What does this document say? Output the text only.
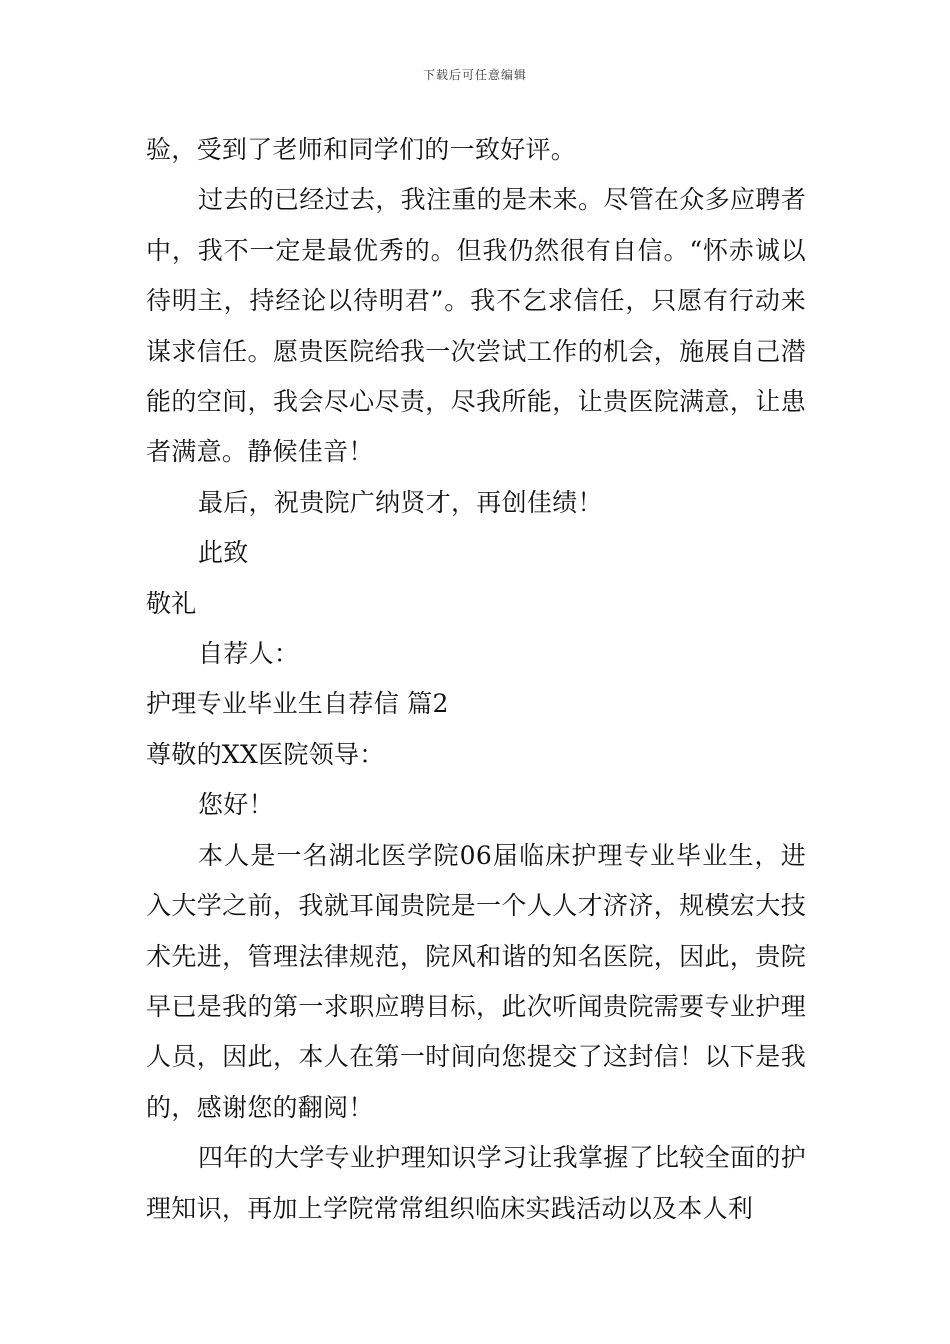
下载后可任意编辑

验，受到了老师和同学们的一致好评。

过去的已经过去，我注重的是未来。尽管在众多应聘者中，我不一定是最优秀的。但我仍然很有自信。“怀赤诚以待明主，持经论以待明君”。我不乞求信任，只愿有行动来谋求信任。愿贵医院给我一次尝试工作的机会，施展自己潜能的空间，我会尽心尽责，尽我所能，让贵医院满意，让患者满意。静候佳音！

最后，祝贵院广纳贤才，再创佳绩！

此致

敬礼

自荐人：

护理专业毕业生自荐信 篇2

尊敬的XX医院领导：

您好！

本人是一名湖北医学院06届临床护理专业毕业生，进入大学之前，我就耳闻贵院是一个人人才济济，规模宏大技术先进，管理法律规范，院风和谐的知名医院，因此，贵院早已是我的第一求职应聘目标，此次听闻贵院需要专业护理人员，因此，本人在第一时间向您提交了这封信！以下是我的，感谢您的翻阅！

四年的大学专业护理知识学习让我掌握了比较全面的护理知识，再加上学院常常组织临床实践活动以及本人利
